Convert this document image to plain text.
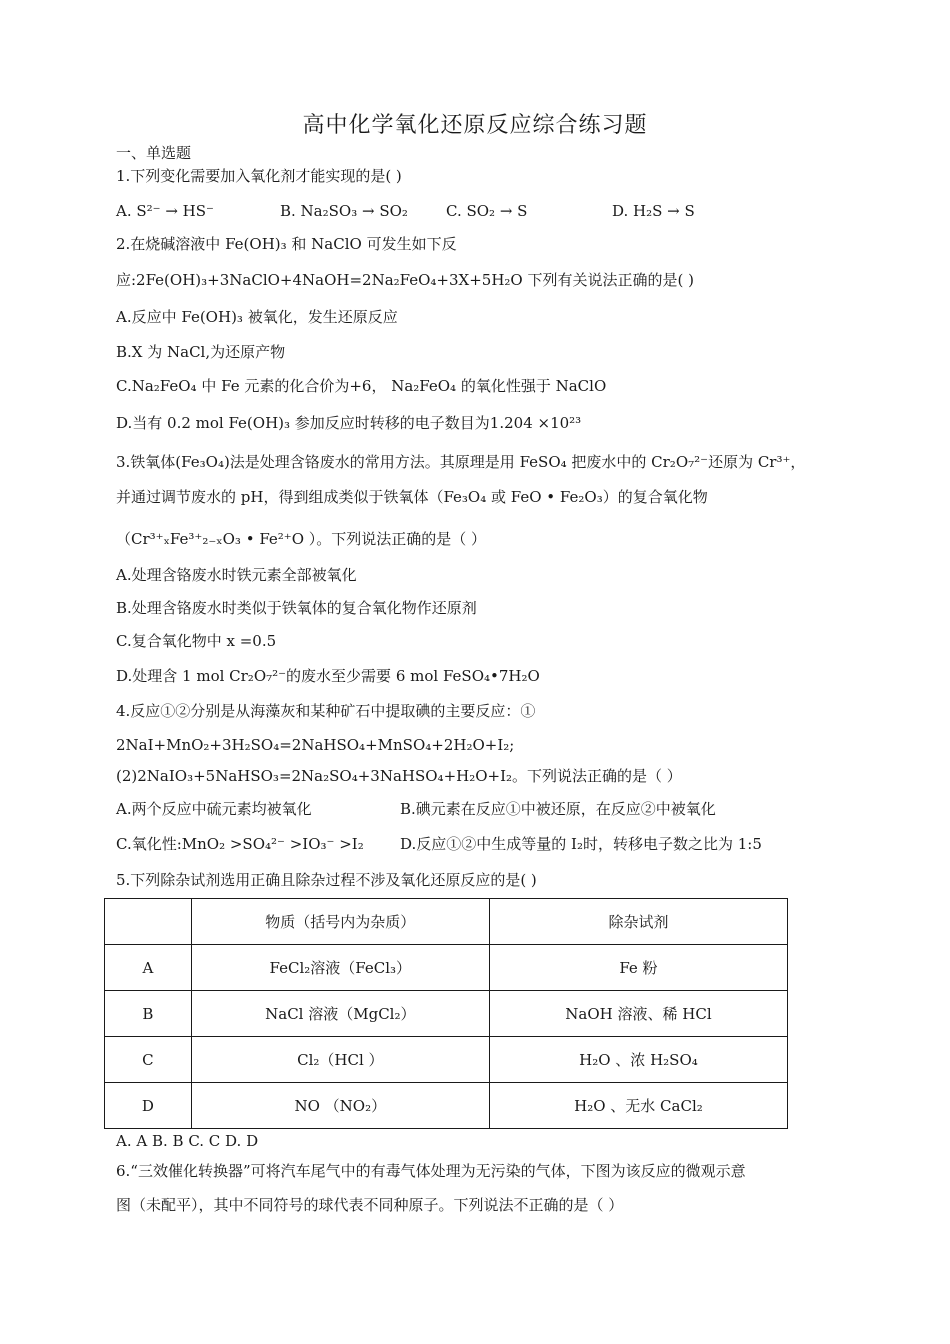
高中化学氧化还原反应综合练习题
一、单选题
1.下列变化需要加入氧化剂才能实现的是( )
A. S²⁻ → HS⁻	B. Na₂SO₃ → SO₂	C. SO₂ → S	D. H₂S → S
2.在烧碱溶液中 Fe(OH)₃ 和 NaClO 可发生如下反
应:2Fe(OH)₃+3NaClO+4NaOH=2Na₂FeO₄+3X+5H₂O 下列有关说法正确的是( )
A.反应中 Fe(OH)₃ 被氧化，发生还原反应
B.X 为 NaCl,为还原产物
C.Na₂FeO₄ 中 Fe 元素的化合价为+6， Na₂FeO₄ 的氧化性强于 NaClO
D.当有 0.2 mol Fe(OH)₃ 参加反应时转移的电子数目为1.204 ×10²³
3.铁氧体(Fe₃O₄)法是处理含铬废水的常用方法。其原理是用 FeSO₄ 把废水中的 Cr₂O₇²⁻还原为 Cr³⁺，
并通过调节废水的 pH，得到组成类似于铁氧体（Fe₃O₄ 或 FeO • Fe₂O₃）的复合氧化物
（Cr³⁺ₓFe³⁺₂₋ₓO₃ • Fe²⁺O ）。下列说法正确的是（ ）
A.处理含铬废水时铁元素全部被氧化
B.处理含铬废水时类似于铁氧体的复合氧化物作还原剂
C.复合氧化物中 x =0.5
D.处理含 1 mol Cr₂O₇²⁻的废水至少需要 6 mol FeSO₄•7H₂O
4.反应①②分别是从海藻灰和某种矿石中提取碘的主要反应：①
2NaI+MnO₂+3H₂SO₄=2NaHSO₄+MnSO₄+2H₂O+I₂;
(2)2NaIO₃+5NaHSO₃=2Na₂SO₄+3NaHSO₄+H₂O+I₂。下列说法正确的是（ ）
A.两个反应中硫元素均被氧化	B.碘元素在反应①中被还原，在反应②中被氧化
C.氧化性:MnO₂ >SO₄²⁻ >IO₃⁻ >I₂ D.反应①②中生成等量的 I₂时，转移电子数之比为 1:5
5.下列除杂试剂选用正确且除杂过程不涉及氧化还原反应的是( )
	物质（括号内为杂质）	除杂试剂
A	FeCl₂溶液（FeCl₃）	Fe 粉
B	NaCl 溶液（MgCl₂）	NaOH 溶液、稀 HCl
C	Cl₂（HCl ）	H₂O 、浓 H₂SO₄
D	NO （NO₂）	H₂O 、无水 CaCl₂
A. A B. B C. C D. D
6.“三效催化转换器”可将汽车尾气中的有毒气体处理为无污染的气体，下图为该反应的微观示意
图（未配平），其中不同符号的球代表不同种原子。下列说法不正确的是（ ）
